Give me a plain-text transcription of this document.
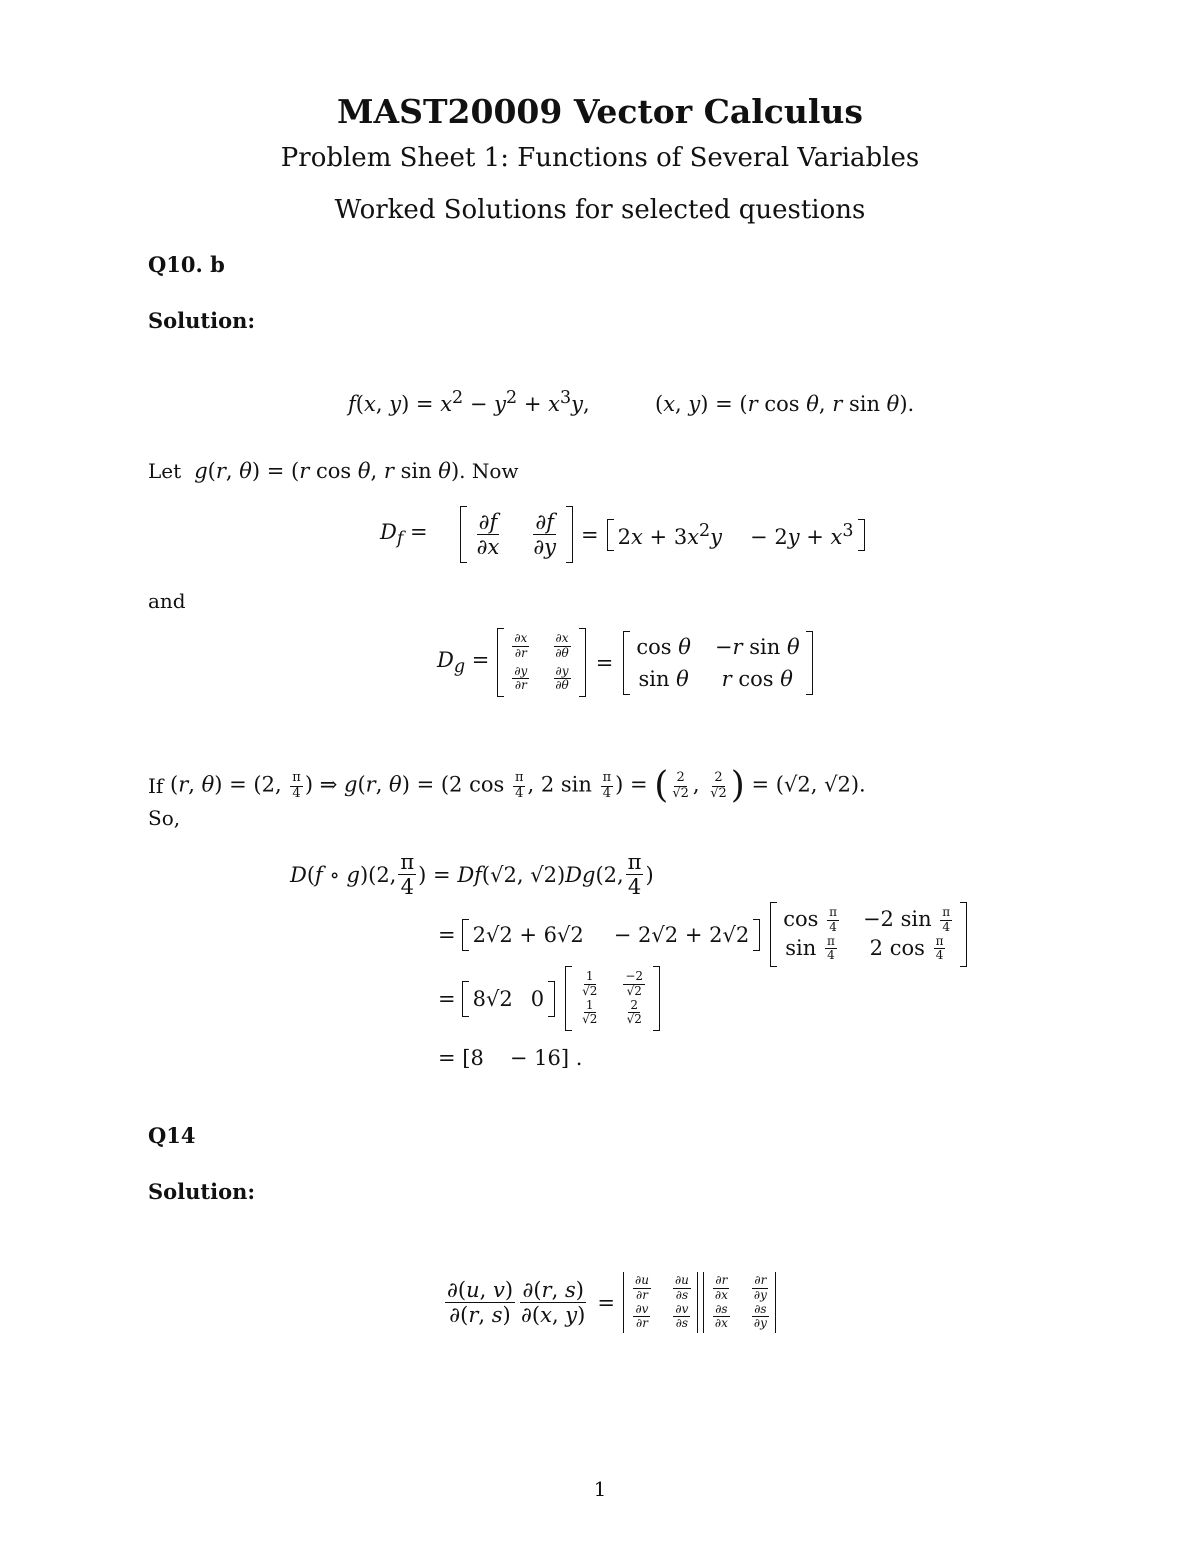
MAST20009 Vector Calculus
Problem Sheet 1: Functions of Several Variables
Worked Solutions for selected questions
Q10. b
Solution:
f(x, $y) = x^2 - y^2 + x^3y$,  (x, y) = (r cos θ, r sin θ).
Let g(r, θ) = (r cos θ, r sin θ). Now
$D_f = \frac{\partial f}{\partial x} \frac{\partial f}{\partial y} = 2x + 3x^2y - 2y + x^3$
and
$D_g = \frac{\partial x}{\partial r} \frac{\partial x}{\partial\theta}$
$\frac{\partial y}{\partial r} \frac{\partial y}{\partial\theta}$
=
cos θ −r sin θ
sin θ r cos θ
If (r, θ) = (2, $\frac{\pi}{4}$ ) ⇒ g(r, θ) = (2 $\cos \frac{\pi}{4}$ , 2 $\sin \frac{\pi}{4}$ ) = ( $\frac{2}{√2}$ , $\frac{2}{√2}$ ) = (√2, √2).
So,
D(f ∘ g)(2, $\frac{\pi}{4}$ ) = Df(√2, √2)Dg(2, $\frac{\pi}{4}$ )
= 2√2 + 6√2 − 2√2 + 2√2
$\cos \frac{\pi}{4} -2$ $\sin \frac{\pi}{4}$
$\sin \frac{\pi}{4} 2$ $\cos \frac{\pi}{4}$
= 8√2 0	$\frac{1}{√2} \frac{-2}{√2}$
$\frac{1}{√2} \frac{2}{√2}$
= [8 − 16] .
Q14
Solution:
$\frac{\partial(u, v)}{\partial(r, s)} \frac{\partial(r, s)}{\partial(x, y)} = \frac{\partial u}{\partial r} \frac{\partial u}{\partial s}$
$\frac{\partial v}{\partial r} \frac{\partial v}{\partial s}$
$\frac{\partial r}{\partial x} \frac{\partial r}{\partial y}$
$\frac{\partial s}{\partial x} \frac{\partial s}{\partial y}$
1
